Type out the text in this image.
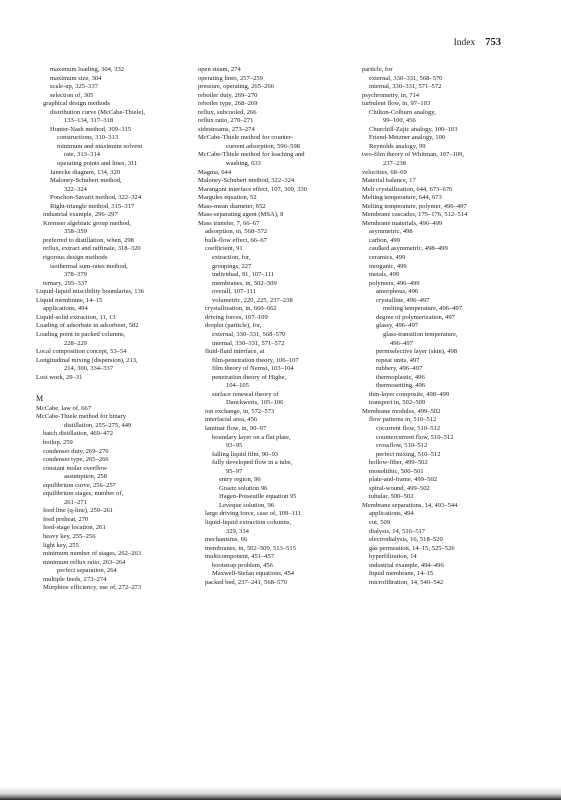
Index 753
maximum loading, 304, 332
maximum size, 304
scale-up, 325–337
selection of, 305
graphical design methods
distribution curve (McCabe-Thiele),
133–134, 317–318
Hunter-Nash method, 309–315
constructions, 310–313
minimum and maximum solvent
rate, 313–314
operating points and lines, 311
Janecke diagram, 134, 320
Maloney-Schubert method,
322–324
Ponchon-Savarit method, 322–324
Right-triangle method, 315–317
industrial example, 296–297
Kremser algebraic group method,
358–359
preferred to distillation, when, 298
reflux, extract and raffinate, 318–320
rigorous design methods
isothermal sum-rates method,
378–379
ternary, 295–337
Liquid-liquid miscibility boundaries, 136
Liquid membrane, 14–15
applications, 494
Liquid-solid extraction, 11, 13
Loading of adsorbate in adsorbent, 582
Loading point in packed columns,
228–229
Local composition concept, 53–54
Longitudinal mixing (dispersion), 213,
214, 300, 334–337
Lost work, 29–31
M
McCabe, law of, 667
McCabe-Thiele method for binary
distillation, 255–275, 449
batch distillation, 469–472
boilup, 259
condenser duty, 269–270
condenser type, 265–266
constant molar overflow
assumption, 258
equilibrium curve, 256–257
equilibrium stages, number of,
261–271
feed line (q-line), 259–261
feed preheat, 270
feed-stage location, 261
heavy key, 255–256
light key, 255
minimum number of stages, 262–263
minimum reflux ratio, 263–264
perfect separation, 264
multiple feeds, 273–274
Murphree efficiency, use of, 272–273
open steam, 274
operating lines, 257–259
pressure, operating, 265–266
reboiler duty, 269–270
reboiler type, 268–269
reflux, subcooled, 266
reflux ratio, 270–271
sidestreams, 273–274
McCabe-Thiele method for counter-
current adsorption, 596–598
McCabe-Thiele method for leaching and
washing, 633
Magma, 644
Maloney-Schubert method, 322–324
Marangoni interface effect, 107, 309, 330
Margules equation, 52
Mass-mean diameter, 652
Mass-separating agent (MSA), 8
Mass transfer, 7, 66–67
adsorption, in, 568–572
bulk-flow effect, 66–67
coefficient, 91
extraction, for,
groupings, 227
individual, 91, 107–111
membranes, in, 502–509
overall, 107–111
volumetric, 220, 225, 237–238
crystallization, in, 660–662
driving forces, 107–109
droplet (particle), for,
external, 330–331, 568–570
internal, 330–331, 571–572
fluid-fluid interface, at
film-penetration theory, 106–107
film theory of Nernst, 103–104
penetration theory of Higbe,
104–105
surface renewal theory of
Danckwerts, 105–106
ion exchange, in, 572–573
interfacial area, 456
laminar flow, in, 90–97
boundary layer on a flat plate,
93–95
falling liquid film, 90–93
fully developed flow in a tube,
95–97
entry region, 96
Graetz solution 96
Hagen-Poiseuille equation 95
Leveque solution, 96
large driving force, case of, 109–111
liquid-liquid extraction columns,
329, 334
mechanisms, 66
membranes, in, 502–509, 513–515
multicomponent, 451–457
bootstrap problem, 456
Maxwell-Stefan equations, 454
packed bed, 237–241, 568–570
particle, for
external, 330–331, 568–570
internal, 330–331, 571–572
psychrometry, in, 714
turbulent flow, in, 97–103
Chilton-Colburn analogy,
99–100, 456
Churchill-Zajic analogy, 100–103
Friend-Metzner analogy, 100
Reynolds analogy, 99
two-film theory of Whitman, 107–109,
237–238
velocities, 68–69
Material balance, 17
Melt crystallization, 644, 673–676
Melting temperature, 644, 673
Melting temperature, polymer, 496–497
Membrane cascades, 175–176, 512–514
Membrane materials, 496–499
asymmetric, 498
carbon, 499
caulked asymmetric, 498–499
ceramics, 499
inorganic, 499
metals, 499
polymers, 496–499
amorphous, 496
crystalline, 496–497
melting temperature, 496–497
degree of polymerization, 497
glassy, 496–497
glass-transition temperature,
496–497
permselective layer (skin), 498
repeat units, 497
rubbery, 496–497
thermoplastic, 496
thermosetting, 496
thin-layer composite, 498–499
transport in, 502–509
Membrane modules, 499–502
flow patterns in, 510–512
cocurrent flow, 510–512
countercurrent flow, 510–512
crossflow, 510–512
perfect mixing, 510–512
hollow-fiber, 499–502
monolithic, 500–501
plate-and-frame, 499–502
spiral-wound, 499–502
tubular, 500–502
Membrane separations, 14, 493–544
applications, 494
cut, 509
dialysis, 14, 516–517
electrodialysis, 16, 518–520
gas permeation, 14–15, 525–526
hyperfiltration, 14
industrial example, 494–496
liquid membrane, 14–15
microfiltration, 14, 540–542
